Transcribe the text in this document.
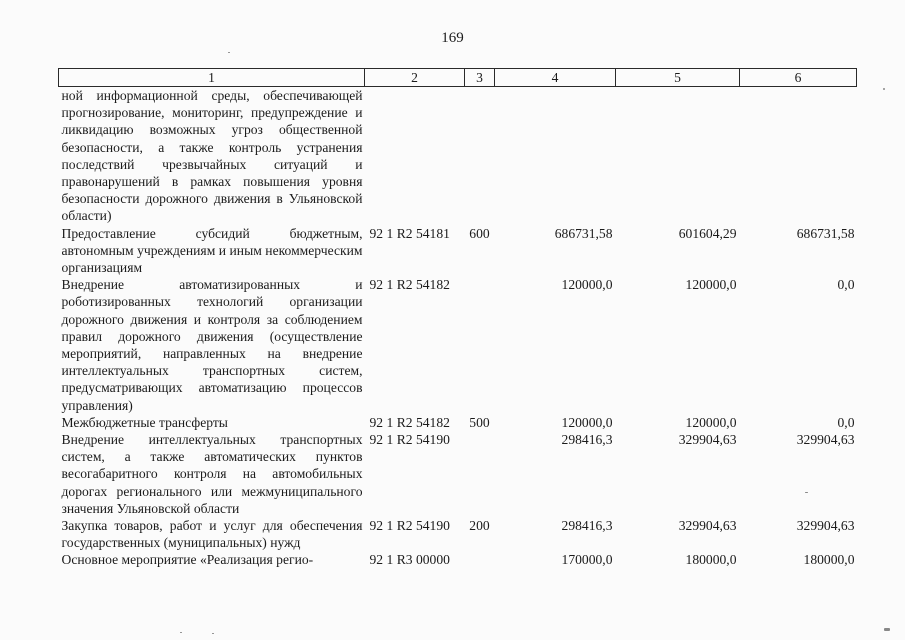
169
1	2	3	4	5	6
ной информационной среды, обеспечивающей прогнозирование, мониторинг, предупреждение и ликвидацию возможных угроз общественной безопасности, а также контроль устранения последствий чрезвычайных ситуаций и правонарушений в рамках повышения уровня безопасности дорожного движения в Ульяновской области)					
Предоставление субсидий бюджетным, автономным учреждениям и иным некоммерческим организациям	92 1 R2 54181	600	686731,58	601604,29	686731,58
Внедрение автоматизированных и роботизированных технологий организации дорожного движения и контроля за соблюдением правил дорожного движения (осуществление мероприятий, направленных на внедрение интеллектуальных транспортных систем, предусматривающих автоматизацию процессов управления)	92 1 R2 54182		120000,0	120000,0	0,0
Межбюджетные трансферты	92 1 R2 54182	500	120000,0	120000,0	0,0
Внедрение интеллектуальных транспортных систем, а также автоматических пунктов весогабаритного контроля на автомобильных дорогах регионального или межмуниципального значения Ульяновской области	92 1 R2 54190		298416,3	329904,63	329904,63
Закупка товаров, работ и услуг для обеспечения государственных (муниципальных) нужд	92 1 R2 54190	200	298416,3	329904,63	329904,63
Основное мероприятие «Реализация регио-	92 1 R3 00000		170000,0	180000,0	180000,0
